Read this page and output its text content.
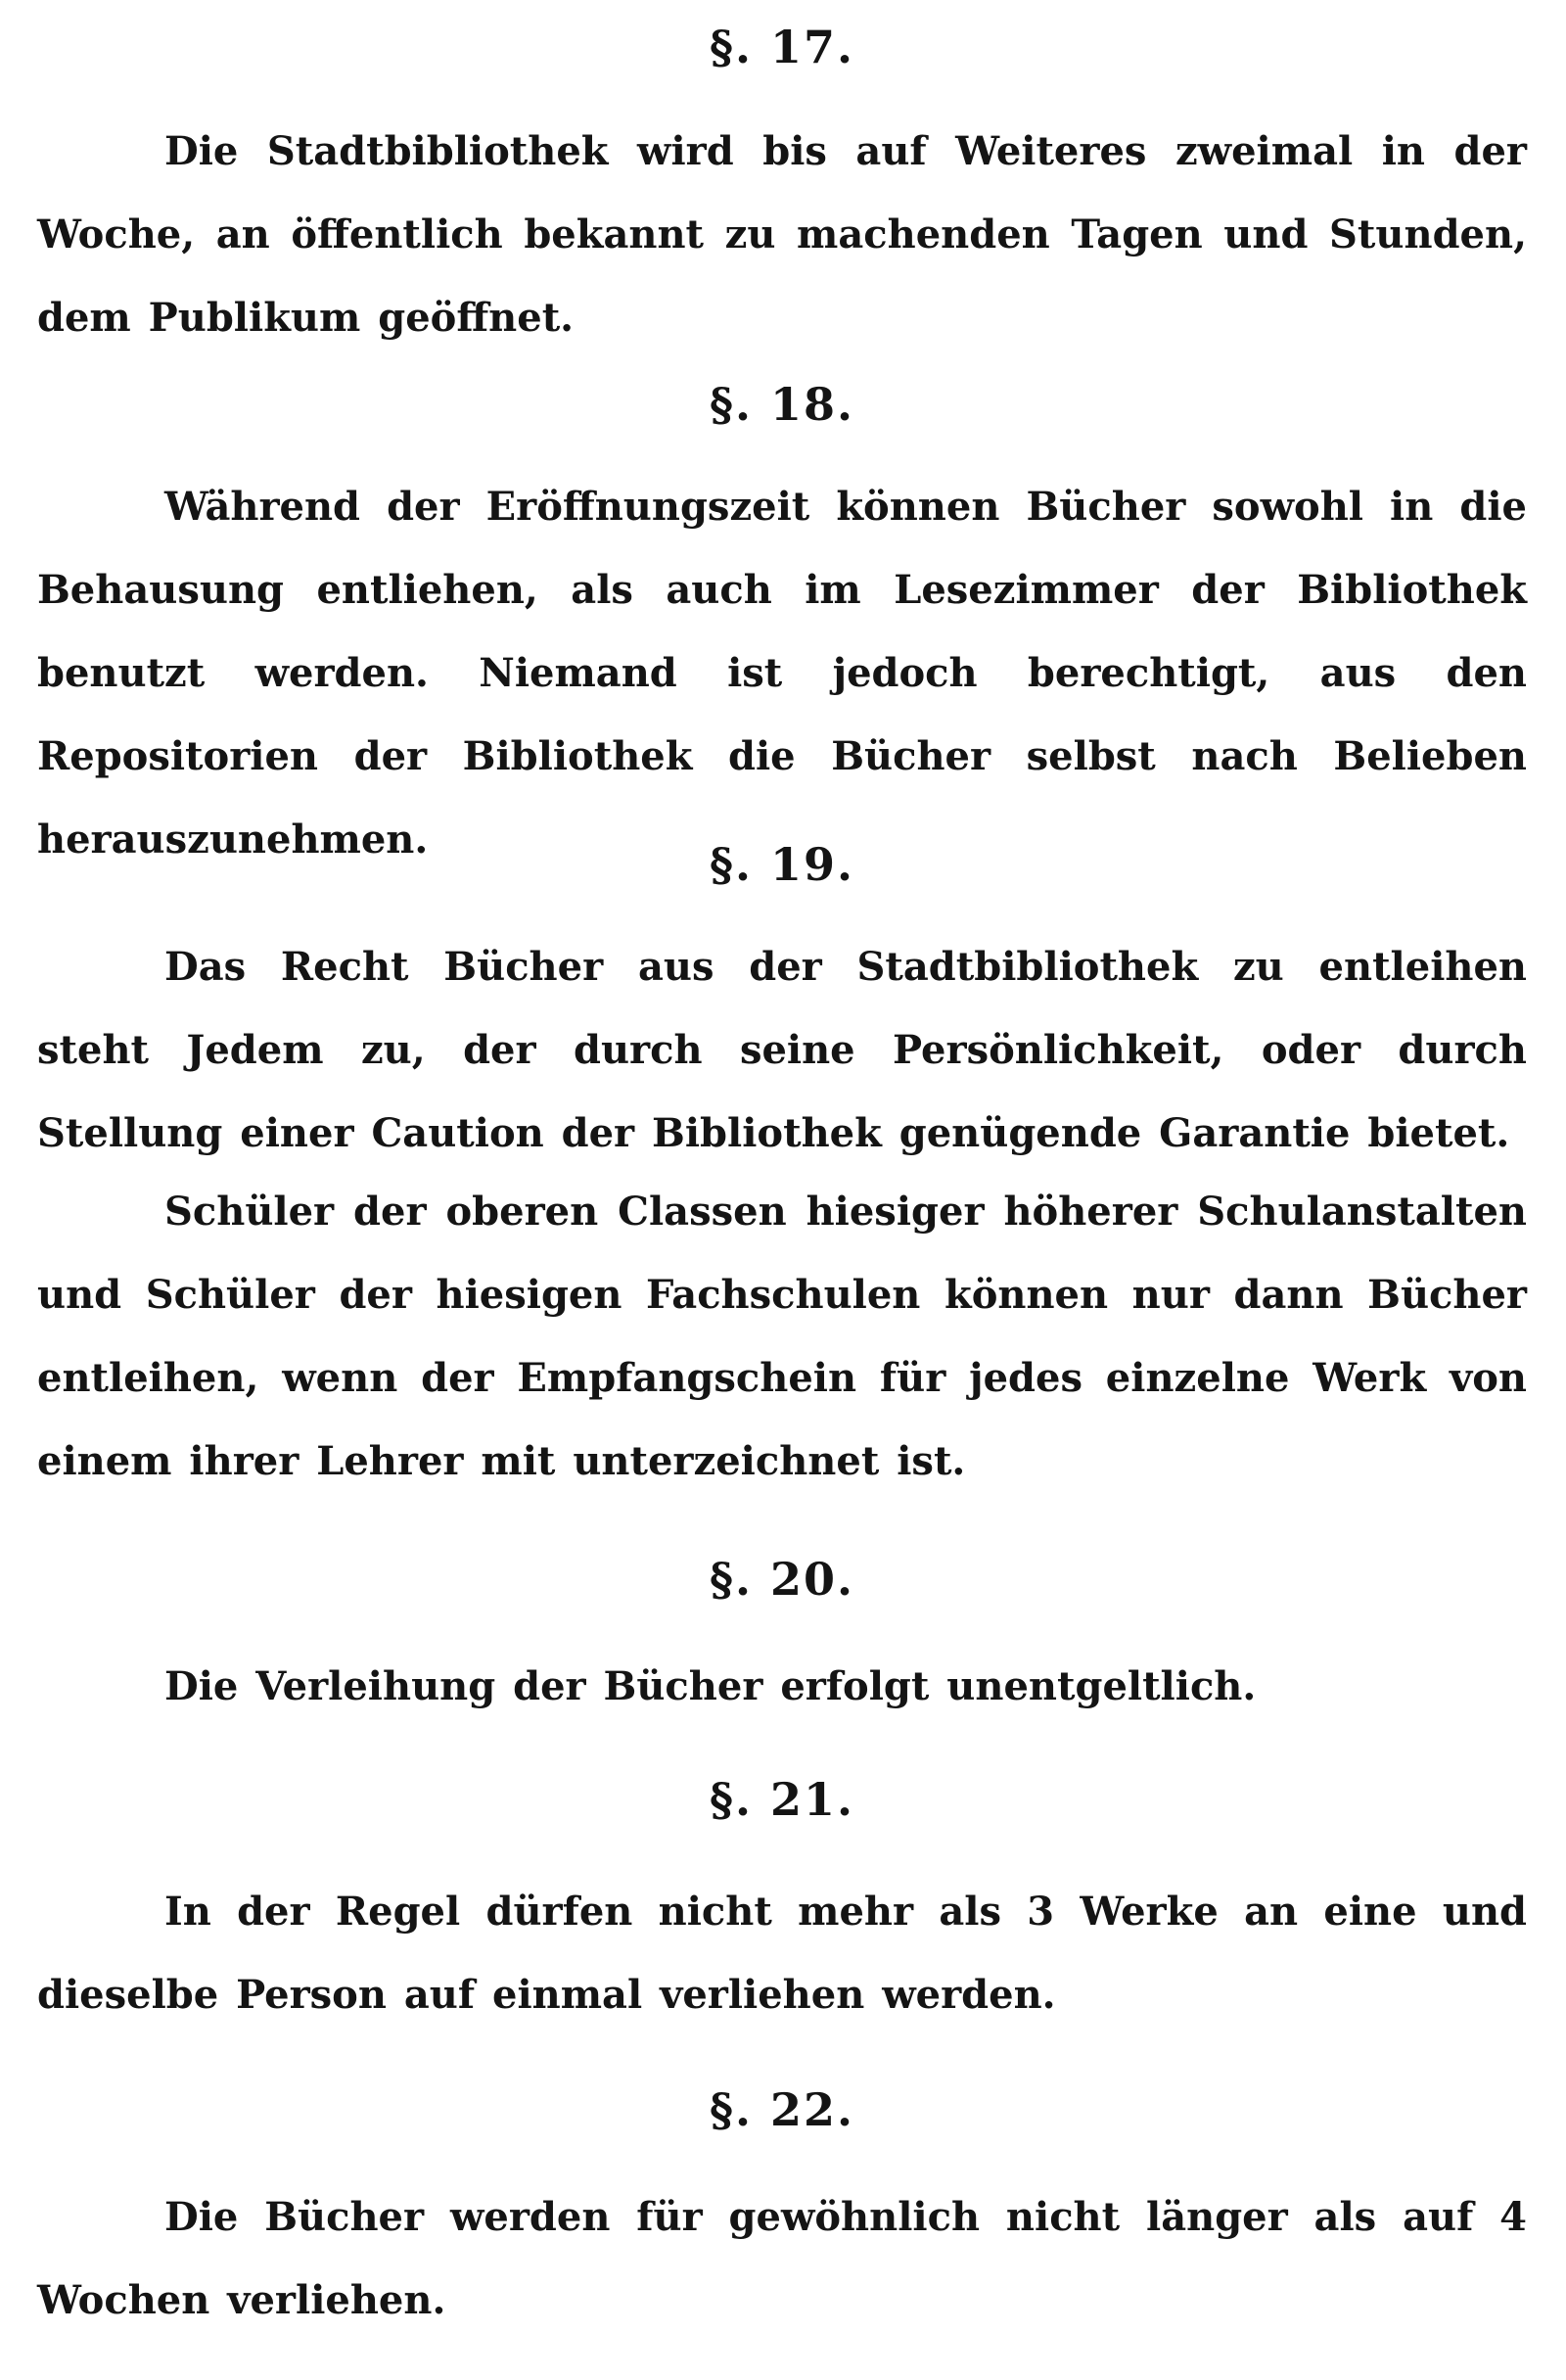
§. 17.

Die Stadtbibliothek wird bis auf Weiteres zweimal in der Woche, an öffentlich bekannt zu machenden Tagen und Stunden, dem Publikum geöffnet.

§. 18.

Während der Eröffnungszeit können Bücher sowohl in die Behausung entliehen, als auch im Lesezimmer der Bibliothek benutzt werden. Niemand ist jedoch berechtigt, aus den Repositorien der Bibliothek die Bücher selbst nach Belieben herauszunehmen.	§. 19.

Das Recht Bücher aus der Stadtbibliothek zu entleihen steht Jedem zu, der durch seine Persönlichkeit, oder durch Stellung einer Caution der Bibliothek genügende Garantie bietet.

Schüler der oberen Classen hiesiger höherer Schulanstalten und Schüler der hiesigen Fachschulen können nur dann Bücher entleihen, wenn der Empfangschein für jedes einzelne Werk von einem ihrer Lehrer mit unterzeichnet ist.

§. 20.

Die Verleihung der Bücher erfolgt unentgeltlich.

§. 21.

In der Regel dürfen nicht mehr als 3 Werke an eine und dieselbe Person auf einmal verliehen werden.

§. 22.

Die Bücher werden für gewöhnlich nicht länger als auf 4 Wochen verliehen.
